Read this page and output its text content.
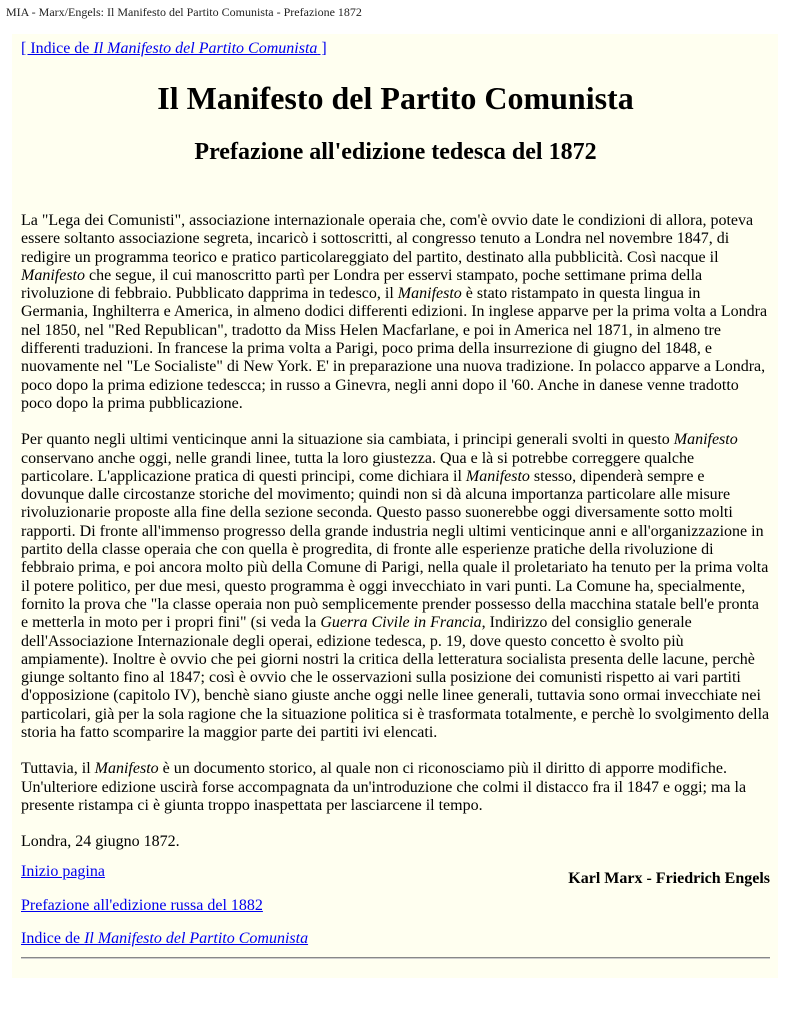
MIA - Marx/Engels: Il Manifesto del Partito Comunista - Prefazione 1872
[ Indice de Il Manifesto del Partito Comunista ]
Il Manifesto del Partito Comunista
Prefazione all'edizione tedesca del 1872

La "Lega dei Comunisti", associazione internazionale operaia che, com'è ovvio date le condizioni di allora, poteva essere soltanto associazione segreta, incaricò i sottoscritti, al congresso tenuto a Londra nel novembre 1847, di redigire un programma teorico e pratico particolareggiato del partito, destinato alla pubblicità. Così nacque il Manifesto che segue, il cui manoscritto partì per Londra per esservi stampato, poche settimane prima della rivoluzione di febbraio. Pubblicato dapprima in tedesco, il Manifesto è stato ristampato in questa lingua in Germania, Inghilterra e America, in almeno dodici differenti edizioni. In inglese apparve per la prima volta a Londra nel 1850, nel "Red Republican", tradotto da Miss Helen Macfarlane, e poi in America nel 1871, in almeno tre differenti traduzioni. In francese la prima volta a Parigi, poco prima della insurrezione di giugno del 1848, e nuovamente nel "Le Socialiste" di New York. E' in preparazione una nuova tradizione. In polacco apparve a Londra, poco dopo la prima edizione tedescca; in russo a Ginevra, negli anni dopo il '60. Anche in danese venne tradotto poco dopo la prima pubblicazione.

Per quanto negli ultimi venticinque anni la situazione sia cambiata, i principi generali svolti in questo Manifesto conservano anche oggi, nelle grandi linee, tutta la loro giustezza. Qua e là si potrebbe correggere qualche particolare. L'applicazione pratica di questi principi, come dichiara il Manifesto stesso, dipenderà sempre e dovunque dalle circostanze storiche del movimento; quindi non si dà alcuna importanza particolare alle misure rivoluzionarie proposte alla fine della sezione seconda. Questo passo suonerebbe oggi diversamente sotto molti rapporti. Di fronte all'immenso progresso della grande industria negli ultimi venticinque anni e all'organizzazione in partito della classe operaia che con quella è progredita, di fronte alle esperienze pratiche della rivoluzione di febbraio prima, e poi ancora molto più della Comune di Parigi, nella quale il proletariato ha tenuto per la prima volta il potere politico, per due mesi, questo programma è oggi invecchiato in vari punti. La Comune ha, specialmente, fornito la prova che "la classe operaia non può semplicemente prender possesso della macchina statale bell'e pronta e metterla in moto per i propri fini" (si veda la Guerra Civile in Francia, Indirizzo del consiglio generale dell'Associazione Internazionale degli operai, edizione tedesca, p. 19, dove questo concetto è svolto più ampiamente). Inoltre è ovvio che pei giorni nostri la critica della letteratura socialista presenta delle lacune, perchè giunge soltanto fino al 1847; così è ovvio che le osservazioni sulla posizione dei comunisti rispetto ai vari partiti d'opposizione (capitolo IV), benchè siano giuste anche oggi nelle linee generali, tuttavia sono ormai invecchiate nei particolari, già per la sola ragione che la situazione politica si è trasformata totalmente, e perchè lo svolgimento della storia ha fatto scomparire la maggior parte dei partiti ivi elencati.

Tuttavia, il Manifesto è un documento storico, al quale non ci riconosciamo più il diritto di apporre modifiche. Un'ulteriore edizione uscirà forse accompagnata da un'introduzione che colmi il distacco fra il 1847 e oggi; ma la presente ristampa ci è giunta troppo inaspettata per lasciarcene il tempo.

Londra, 24 giugno 1872.

Karl Marx - Friedrich Engels

Inizio pagina
Prefazione all'edizione russa del 1882
Indice de Il Manifesto del Partito Comunista
